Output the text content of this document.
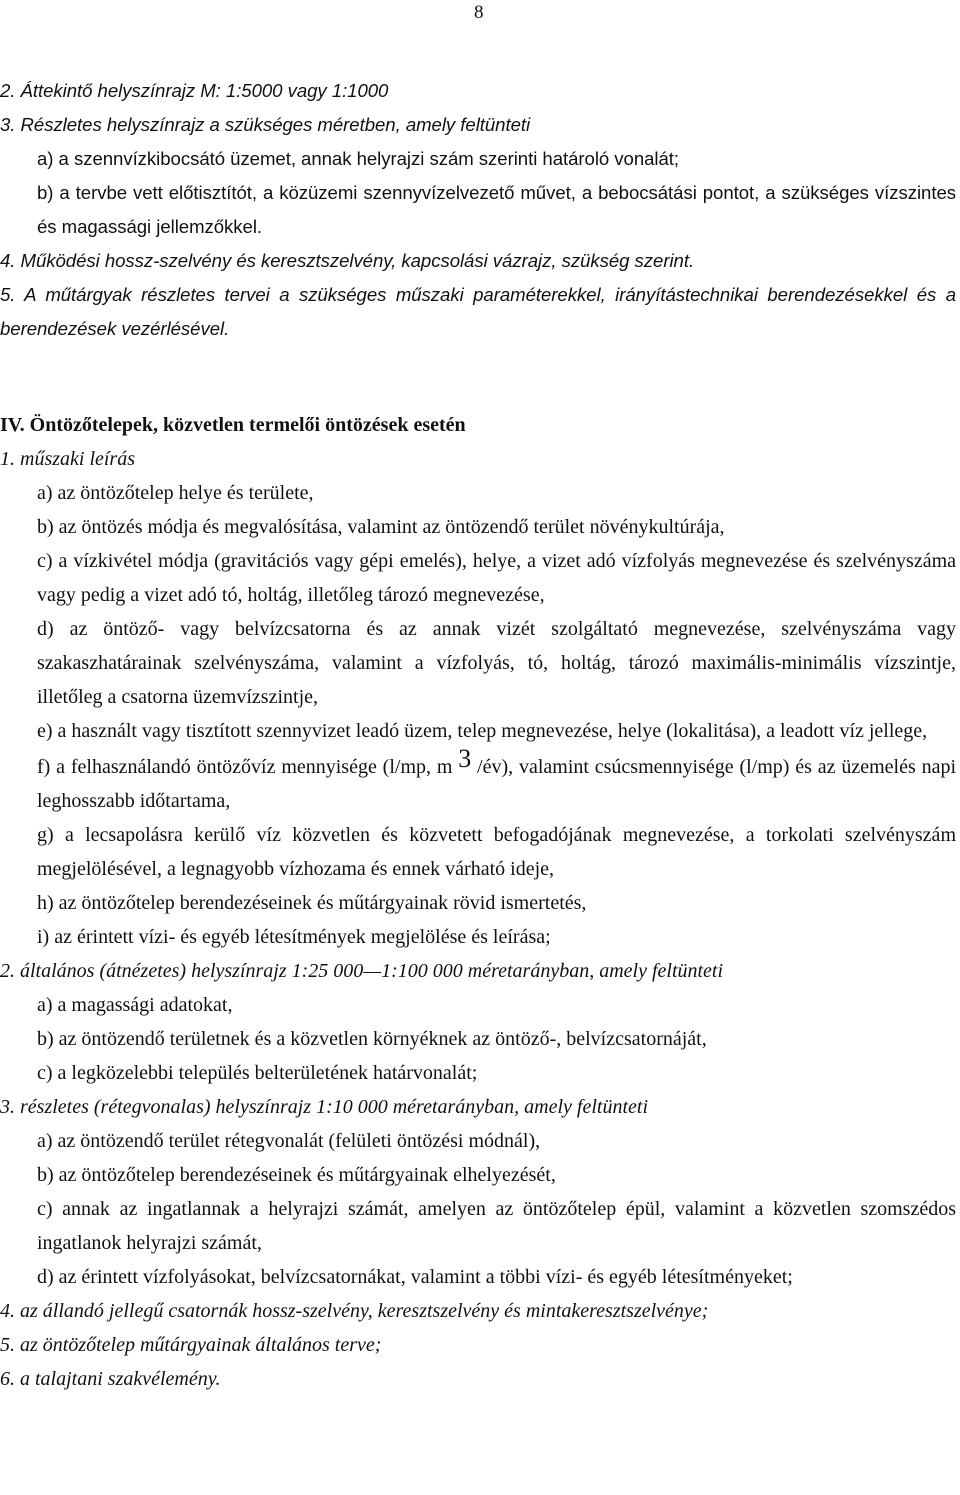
8

2. Áttekintő helyszínrajz M: 1:5000 vagy 1:1000

3. Részletes helyszínrajz a szükséges méretben, amely feltünteti

a) a szennvízkibocsátó üzemet, annak helyrajzi szám szerinti határoló vonalát;

b) a tervbe vett előtisztítót, a közüzemi szennyvízelvezető művet, a bebocsátási pontot, a szükséges vízszintes és magassági jellemzőkkel.

4. Működési hossz-szelvény és keresztszelvény, kapcsolási vázrajz, szükség szerint.

5. A műtárgyak részletes tervei a szükséges műszaki paraméterekkel, irányítástechnikai berendezésekkel és a berendezések vezérlésével.

IV. Öntözőtelepek, közvetlen termelői öntözések esetén

1. műszaki leírás

a) az öntözőtelep helye és területe,

b) az öntözés módja és megvalósítása, valamint az öntözendő terület növénykultúrája,

c) a vízkivétel módja (gravitációs vagy gépi emelés), helye, a vizet adó vízfolyás megnevezése és szelvényszáma vagy pedig a vizet adó tó, holtág, illetőleg tározó megnevezése,

d) az öntöző- vagy belvízcsatorna és az annak vizét szolgáltató megnevezése, szelvényszáma vagy szakaszhatárainak szelvényszáma, valamint a vízfolyás, tó, holtág, tározó maximális-minimális vízszintje, illetőleg a csatorna üzemvízszintje,

e) a használt vagy tisztított szennyvizet leadó üzem, telep megnevezése, helye (lokalitása), a leadott víz jellege,

f) a felhasználandó öntözővíz mennyisége (l/mp, m 3 /év), valamint csúcsmennyisége (l/mp) és az üzemelés napi leghosszabb időtartama,

g) a lecsapolásra kerülő víz közvetlen és közvetett befogadójának megnevezése, a torkolati szelvényszám megjelölésével, a legnagyobb vízhozama és ennek várható ideje,

h) az öntözőtelep berendezéseinek és műtárgyainak rövid ismertetés,

i) az érintett vízi- és egyéb létesítmények megjelölése és leírása;

2. általános (átnézetes) helyszínrajz 1:25 000—1:100 000 méretarányban, amely feltünteti

a) a magassági adatokat,

b) az öntözendő területnek és a közvetlen környéknek az öntöző-, belvízcsatornáját,

c) a legközelebbi település belterületének határvonalát;

3. részletes (rétegvonalas) helyszínrajz 1:10 000 méretarányban, amely feltünteti

a) az öntözendő terület rétegvonalát (felületi öntözési módnál),

b) az öntözőtelep berendezéseinek és műtárgyainak elhelyezését,

c) annak az ingatlannak a helyrajzi számát, amelyen az öntözőtelep épül, valamint a közvetlen szomszédos ingatlanok helyrajzi számát,

d) az érintett vízfolyásokat, belvízcsatornákat, valamint a többi vízi- és egyéb létesítményeket;

4. az állandó jellegű csatornák hossz-szelvény, keresztszelvény és mintakeresztszelvénye;

5. az öntözőtelep műtárgyainak általános terve;

6. a talajtani szakvélemény.
